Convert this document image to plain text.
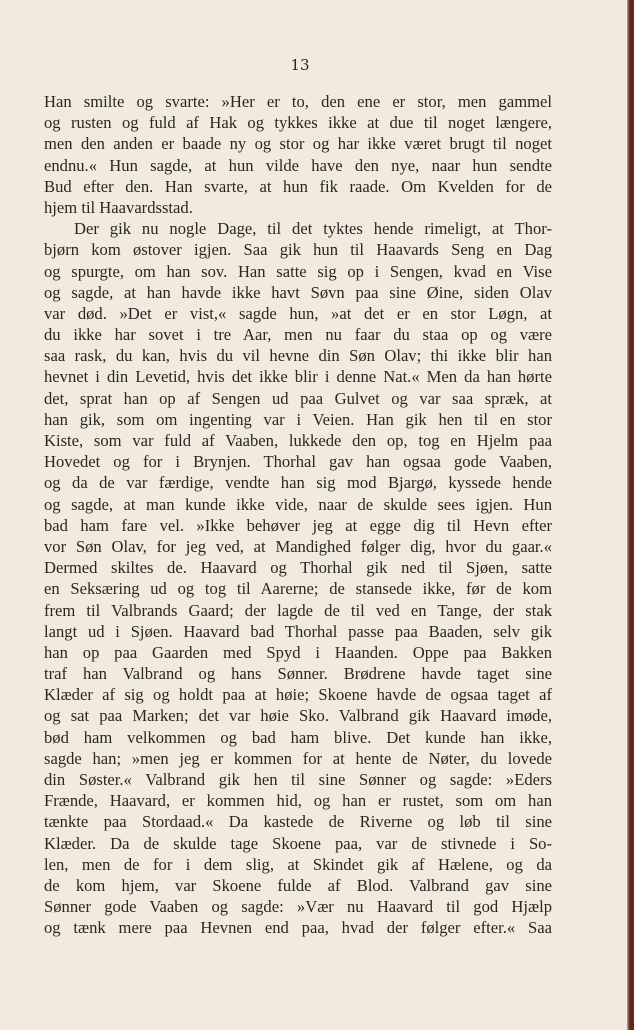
13
Han smilte og svarte: »Her er to, den ene er stor, men gammel
og rusten og fuld af Hak og tykkes ikke at due til noget længere,
men den anden er baade ny og stor og har ikke været brugt til noget
endnu.« Hun sagde, at hun vilde have den nye, naar hun sendte
Bud efter den. Han svarte, at hun fik raade. Om Kvelden for de
hjem til Haavardsstad.
Der gik nu nogle Dage, til det tyktes hende rimeligt, at Thor-
bjørn kom østover igjen. Saa gik hun til Haavards Seng en Dag
og spurgte, om han sov. Han satte sig op i Sengen, kvad en Vise
og sagde, at han havde ikke havt Søvn paa sine Øine, siden Olav
var død. »Det er vist,« sagde hun, »at det er en stor Løgn, at
du ikke har sovet i tre Aar, men nu faar du staa op og være
saa rask, du kan, hvis du vil hevne din Søn Olav; thi ikke blir han
hevnet i din Levetid, hvis det ikke blir i denne Nat.« Men da han hørte
det, sprat han op af Sengen ud paa Gulvet og var saa spræk, at
han gik, som om ingenting var i Veien. Han gik hen til en stor
Kiste, som var fuld af Vaaben, lukkede den op, tog en Hjelm paa
Hovedet og for i Brynjen. Thorhal gav han ogsaa gode Vaaben,
og da de var færdige, vendte han sig mod Bjargø, kyssede hende
og sagde, at man kunde ikke vide, naar de skulde sees igjen. Hun
bad ham fare vel. »Ikke behøver jeg at egge dig til Hevn efter
vor Søn Olav, for jeg ved, at Mandighed følger dig, hvor du gaar.«
Dermed skiltes de. Haavard og Thorhal gik ned til Sjøen, satte
en Seksæring ud og tog til Aarerne; de stansede ikke, før de kom
frem til Valbrands Gaard; der lagde de til ved en Tange, der stak
langt ud i Sjøen. Haavard bad Thorhal passe paa Baaden, selv gik
han op paa Gaarden med Spyd i Haanden. Oppe paa Bakken
traf han Valbrand og hans Sønner. Brødrene havde taget sine
Klæder af sig og holdt paa at høie; Skoene havde de ogsaa taget af
og sat paa Marken; det var høie Sko. Valbrand gik Haavard imøde,
bød ham velkommen og bad ham blive. Det kunde han ikke,
sagde han; »men jeg er kommen for at hente de Nøter, du lovede
din Søster.« Valbrand gik hen til sine Sønner og sagde: »Eders
Frænde, Haavard, er kommen hid, og han er rustet, som om han
tænkte paa Stordaad.« Da kastede de Riverne og løb til sine
Klæder. Da de skulde tage Skoene paa, var de stivnede i So-
len, men de for i dem slig, at Skindet gik af Hælene, og da
de kom hjem, var Skoene fulde af Blod. Valbrand gav sine
Sønner gode Vaaben og sagde: »Vær nu Haavard til god Hjælp
og tænk mere paa Hevnen end paa, hvad der følger efter.« Saa
